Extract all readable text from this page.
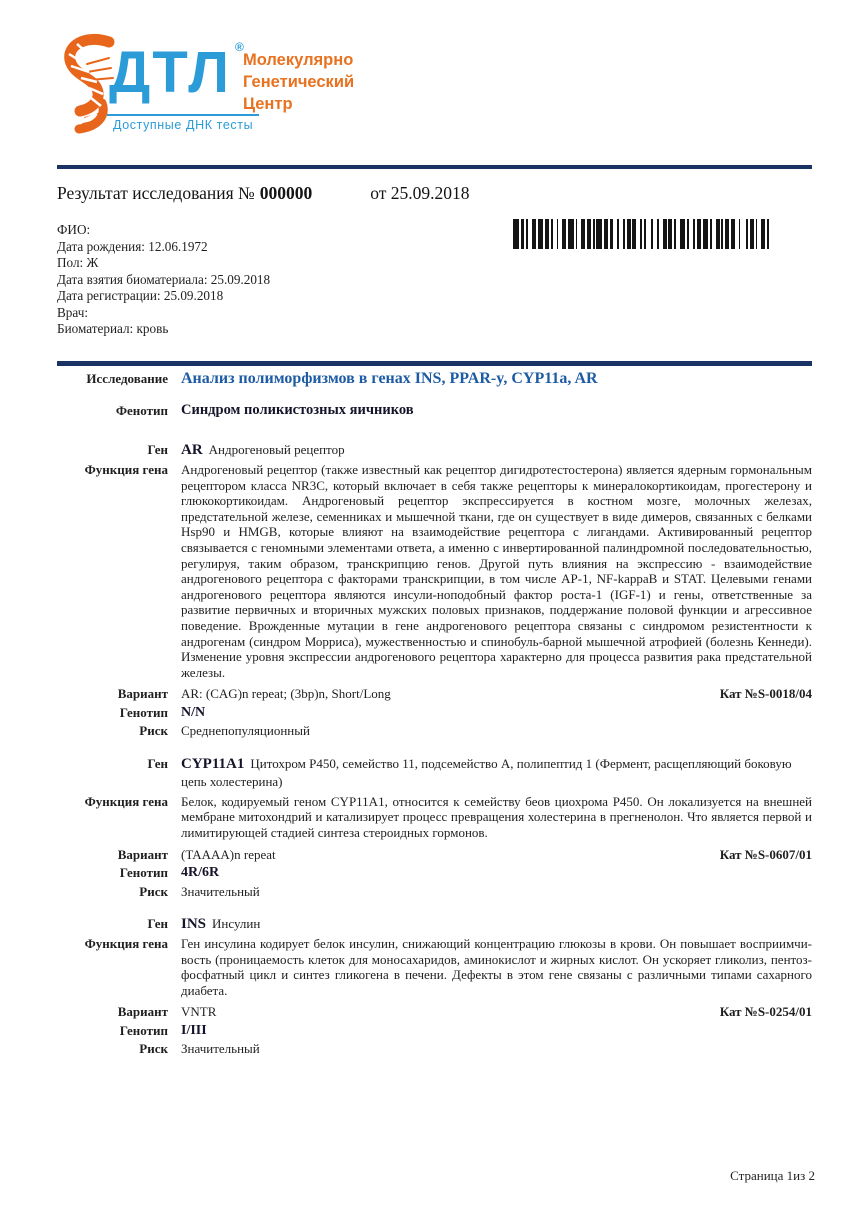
ДТЛ ®
Молекулярно
Генетический
Центр
Доступные ДНК тесты
Результат исследования № 000000	от 25.09.2018
ФИО:
Дата рождения: 12.06.1972
Пол: Ж
Дата взятия биоматериала: 25.09.2018
Дата регистрации: 25.09.2018
Врач:
Биоматериал: кровь
Исследование Анализ полиморфизмов в генах INS, PPAR-y, CYP11a, AR
Фенотип Синдром поликистозных яичников
Ген AR Андрогеновый рецептор
Функция гена Андрогеновый рецептор (также известный как рецептор дигидротестостерона) является ядерным гормональным рецептором класса NR3C, который включает в себя также рецепторы к минералокортикоидам, прогестерону и глюкокортикоидам. Андрогеновый рецептор экспрессируется в костном мозге, молочных железах, предстательной железе, семенниках и мышечной ткани, где он существует в виде димеров, связанных с белками Hsp90 и HMGB, которые влияют на взаимодействие рецептора с лигандами. Активированный рецептор связывается с геномными элементами ответа, а именно с инвертированной палиндромной последовательностью, регулируя, таким образом, транскрипцию генов. Другой путь влияния на экспрессию - взаимодействие андрогенового рецептора с факторами транскрипции, в том числе AP-1, NF-kappaB и STAT. Целевыми генами андрогенового рецептора являются инсули-ноподобный фактор роста-1 (IGF-1) и гены, ответственные за развитие первичных и вторичных мужских половых признаков, поддержание половой функции и агрессивное поведение. Врожденные мутации в гене андрогенового рецептора связаны с синдромом резистентности к андрогенам (синдром Морриса), мужественностью и спинобуль-барной мышечной атрофией (болезнь Кеннеди). Изменение уровня экспрессии андрогенового рецептора характерно для процесса развития рака предстательной железы.
Вариант AR: (CAG)n repeat; (3bp)n, Short/Long	Кат №S-0018/04
Генотип N/N
Риск Среднепопуляционный
Ген CYP11A1 Цитохром Р450, семейство 11, подсемейство А, полипептид 1 (Фермент, расщепляющий боковую цепь холестерина)
Функция гена Белок, кодируемый геном CYP11A1, относится к семейству беов циохрома Р450. Он локализуется на внешней мембране митохондрий и катализирует процесс превращения холестерина в прегненолон. Что является первой и лимитирующей стадией синтеза стероидных гормонов.
Вариант (TAAAA)n repeat	Кат №S-0607/01
Генотип 4R/6R
Риск Значительный
Ген INS Инсулин
Функция гена Ген инсулина кодирует белок инсулин, снижающий концентрацию глюкозы в крови. Он повышает восприимчи-вость (проницаемость клеток для моносахаридов, аминокислот и жирных кислот. Он ускоряет гликолиз, пентоз-фосфатный цикл и синтез гликогена в печени. Дефекты в этом гене связаны с различными типами сахарного диабета.
Вариант VNTR	Кат №S-0254/01
Генотип I/III
Риск Значительный
Страница 1из 2
